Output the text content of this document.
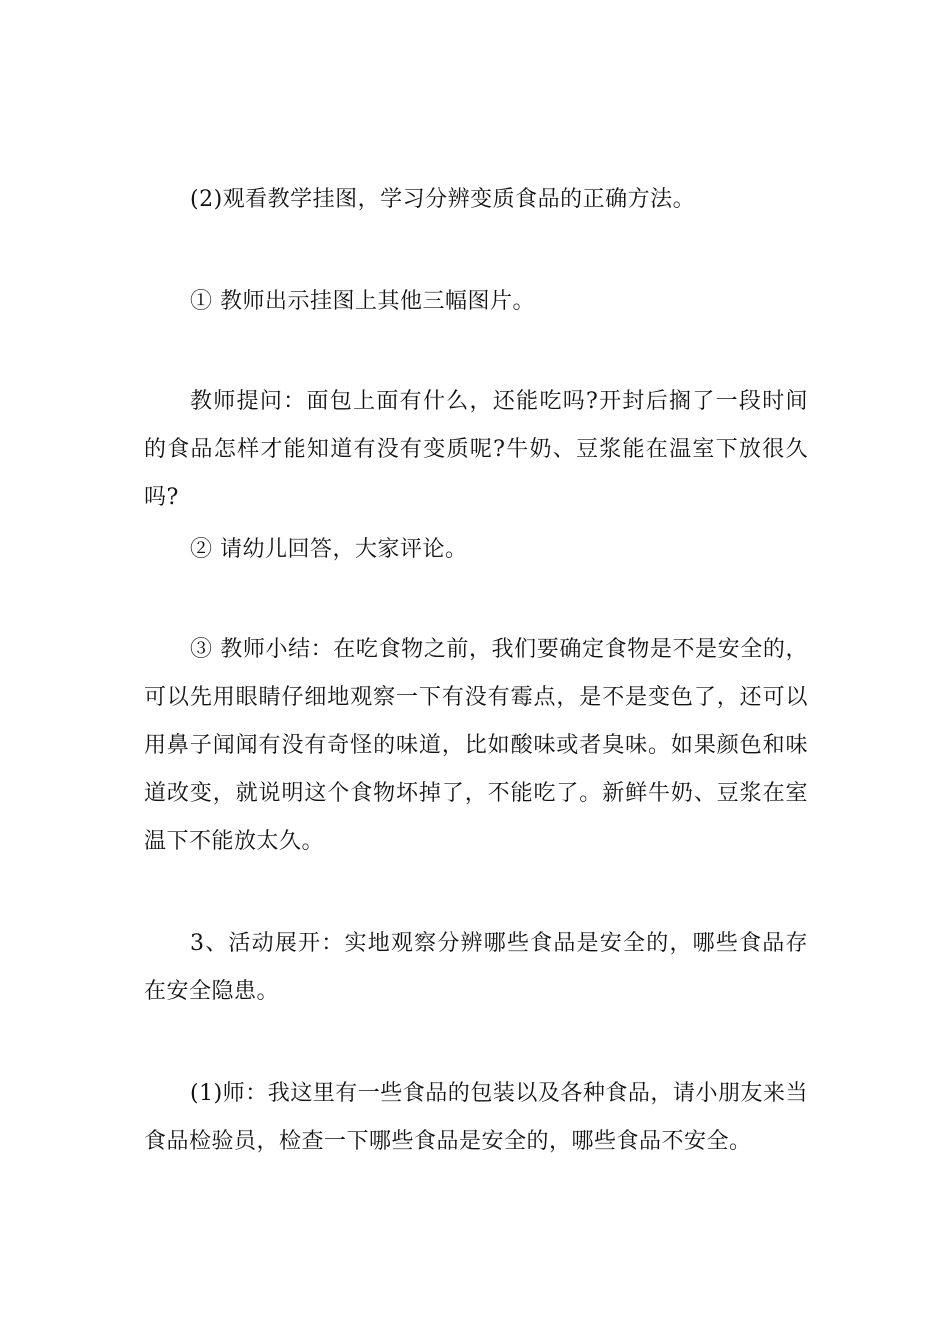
(2)观看教学挂图，学习分辨变质食品的正确方法。

① 教师出示挂图上其他三幅图片。

教师提问：面包上面有什么，还能吃吗?开封后搁了一段时间的食品怎样才能知道有没有变质呢?牛奶、豆浆能在温室下放很久吗?

② 请幼儿回答，大家评论。

③ 教师小结：在吃食物之前，我们要确定食物是不是安全的，可以先用眼睛仔细地观察一下有没有霉点，是不是变色了，还可以用鼻子闻闻有没有奇怪的味道，比如酸味或者臭味。如果颜色和味道改变，就说明这个食物坏掉了，不能吃了。新鲜牛奶、豆浆在室温下不能放太久。

3、活动展开：实地观察分辨哪些食品是安全的，哪些食品存在安全隐患。

(1)师：我这里有一些食品的包装以及各种食品，请小朋友来当食品检验员，检查一下哪些食品是安全的，哪些食品不安全。
